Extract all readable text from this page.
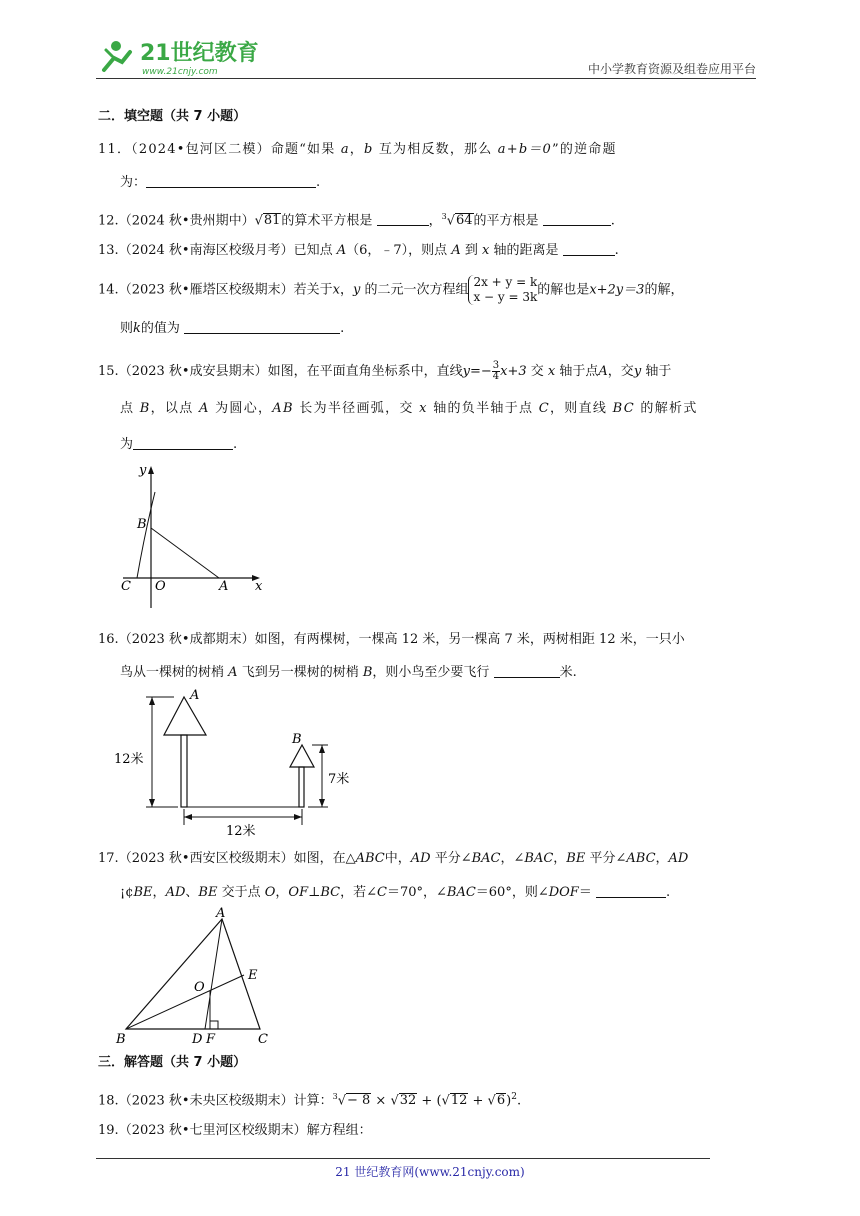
21世纪教育
www.21cnjy.com	中小学教育资源及组卷应用平台
二．填空题（共 7 小题）
11．（2024•包河区二模）命题“如果 a，b 互为相反数，那么 a+b＝0”的逆命题
为：	.
12.（2024 秋•贵州期中）√81的算术平方根是	，$^3$√64的平方根是	.
13.（2024 秋•南海区校级月考）已知点 A（6，﹣7），则点 A 到 x 轴的距离是	.
14.（2023 秋•雁塔区校级期末）若关于x，y 的二元一次方程组
2x + y = k
x − y = 3k 的解也是x+2y＝3的解，
则k的值为	.
15.（2023 秋•成安县期末）如图，在平面直角坐标系中，直线$y=- \frac{3}{4} x+3$ 交 x 轴于点A，交y 轴于
点 B，以点 A 为圆心，AB 长为半径画弧，交 x 轴的负半轴于点 C，则直线 BC 的解析式
为	.
y
x
B
C O	A
16.（2023 秋•成都期末）如图，有两棵树，一棵高 12 米，另一棵高 7 米，两树相距 12 米，一只小
鸟从一棵树的树梢 A 飞到另一棵树的树梢 B，则小鸟至少要飞行	米.
A
B
12米
7米
12米
17.（2023 秋•西安区校级期末）如图，在△ABC中，AD 平分∠BAC，∠BAC，BE 平分∠ABC，AD
¡¢BE，AD、BE 交于点 O，OF⊥BC，若∠C＝70°，∠BAC＝60°，则∠DOF＝	.
A
B	C
D F
E
O
三．解答题（共 7 小题）
18.（2023 秋•未央区校级期末）计算：$^3√- 8 \times √32 + (√12 + √6)^2$.
19.（2023 秋•七里河区校级期末）解方程组：
21 世纪教育网(www.21cnjy.com)
